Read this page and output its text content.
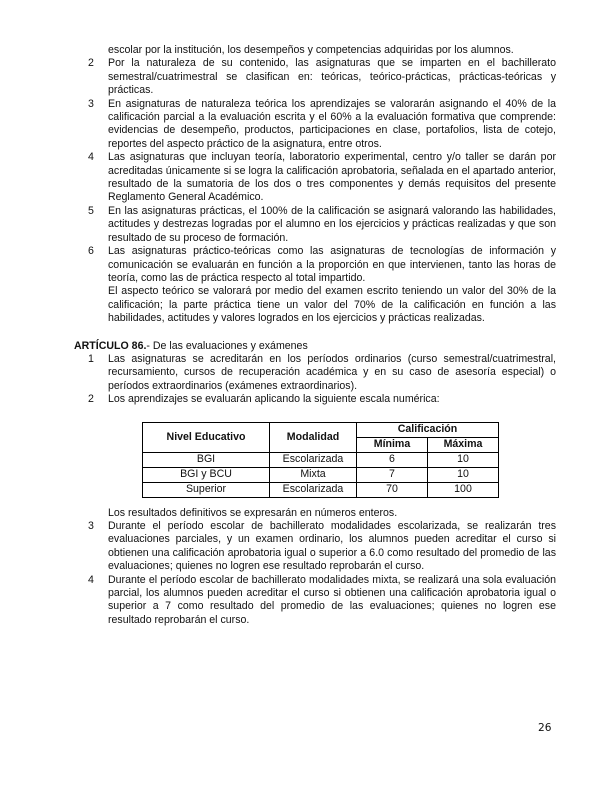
escolar por la institución, los desempeños y competencias adquiridas por los alumnos.

2 Por la naturaleza de su contenido, las asignaturas que se imparten en el bachillerato semestral/cuatrimestral se clasifican en: teóricas, teórico-prácticas, prácticas-teóricas y prácticas.

3 En asignaturas de naturaleza teórica los aprendizajes se valorarán asignando el 40% de la calificación parcial a la evaluación escrita y el 60% a la evaluación formativa que comprende: evidencias de desempeño, productos, participaciones en clase, portafolios, lista de cotejo, reportes del aspecto práctico de la asignatura, entre otros.

4 Las asignaturas que incluyan teoría, laboratorio experimental, centro y/o taller se darán por acreditadas únicamente si se logra la calificación aprobatoria, señalada en el apartado anterior, resultado de la sumatoria de los dos o tres componentes y demás requisitos del presente Reglamento General Académico.

5 En las asignaturas prácticas, el 100% de la calificación se asignará valorando las habilidades, actitudes y destrezas logradas por el alumno en los ejercicios y prácticas realizadas y que son resultado de su proceso de formación.

6 Las asignaturas práctico-teóricas como las asignaturas de tecnologías de información y comunicación se evaluarán en función a la proporción en que intervienen, tanto las horas de teoría, como las de práctica respecto al total impartido.

El aspecto teórico se valorará por medio del examen escrito teniendo un valor del 30% de la calificación; la parte práctica tiene un valor del 70% de la calificación en función a las habilidades, actitudes y valores logrados en los ejercicios y prácticas realizadas.

ARTÍCULO 86.- De las evaluaciones y exámenes

1 Las asignaturas se acreditarán en los períodos ordinarios (curso semestral/cuatrimestral, recursamiento, cursos de recuperación académica y en su caso de asesoría especial) o períodos extraordinarios (exámenes extraordinarios).

2 Los aprendizajes se evaluarán aplicando la siguiente escala numérica:

Nivel Educativo	Modalidad	Calificación	
		Mínima	Máxima
BGI	Escolarizada	6	10
BGI y BCU	Mixta	7	10
Superior	Escolarizada	70	100

Los resultados definitivos se expresarán en números enteros.

3 Durante el período escolar de bachillerato modalidades escolarizada, se realizarán tres evaluaciones parciales, y un examen ordinario, los alumnos pueden acreditar el curso si obtienen una calificación aprobatoria igual o superior a 6.0 como resultado del promedio de las evaluaciones; quienes no logren ese resultado reprobarán el curso.

4 Durante el período escolar de bachillerato modalidades mixta, se realizará una sola evaluación parcial, los alumnos pueden acreditar el curso si obtienen una calificación aprobatoria igual o superior a 7 como resultado del promedio de las evaluaciones; quienes no logren ese resultado reprobarán el curso.

26
